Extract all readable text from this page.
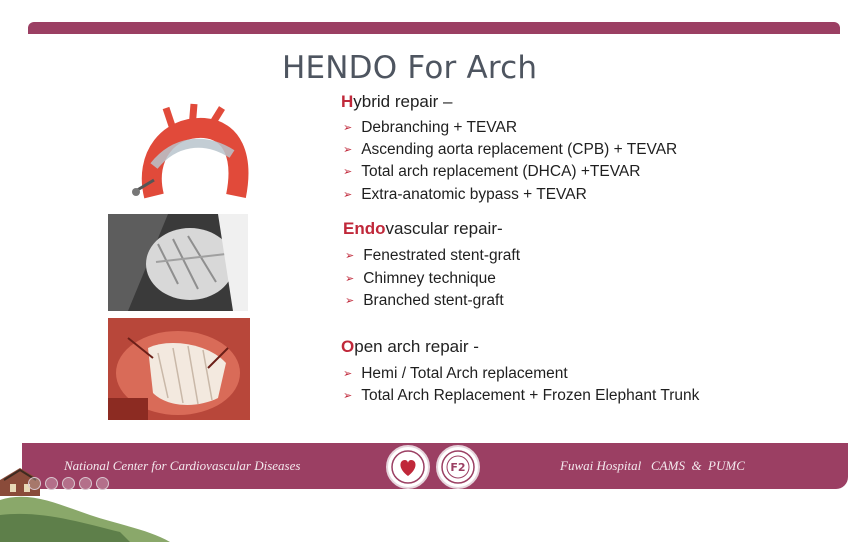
HENDO For Arch
Hybrid repair –
➢ Debranching + TEVAR
➢ Ascending aorta replacement (CPB) + TEVAR
➢ Total arch replacement (DHCA) +TEVAR
➢ Extra-anatomic bypass + TEVAR
Endovascular repair-
➢ Fenestrated stent-graft
➢ Chimney technique
➢ Branched stent-graft
Open arch repair -
➢ Hemi / Total Arch replacement
➢ Total Arch Replacement + Frozen Elephant Trunk
National Center for Cardiovascular Diseases	F2	Fuwai Hospital   CAMS  &  PUMC
